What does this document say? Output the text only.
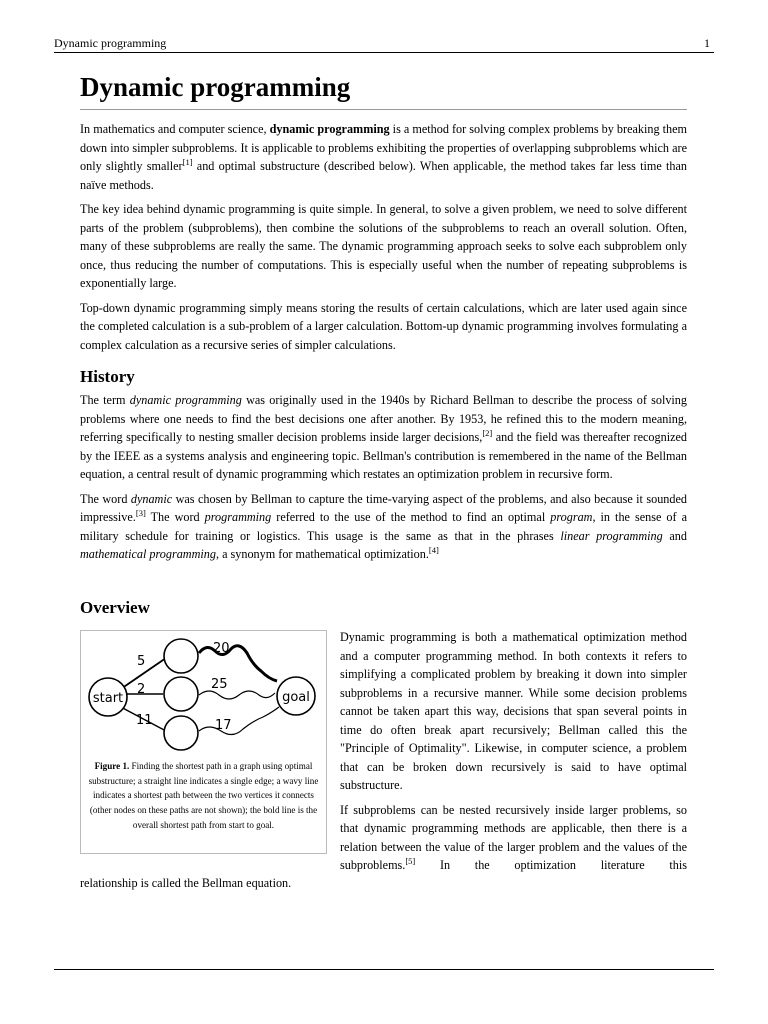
Dynamic programming	1
Dynamic programming

In mathematics and computer science, dynamic programming is a method for solving complex problems by breaking them down into simpler subproblems. It is applicable to problems exhibiting the properties of overlapping subproblems which are only slightly smaller[1] and optimal substructure (described below). When applicable, the method takes far less time than naïve methods.

The key idea behind dynamic programming is quite simple. In general, to solve a given problem, we need to solve different parts of the problem (subproblems), then combine the solutions of the subproblems to reach an overall solution. Often, many of these subproblems are really the same. The dynamic programming approach seeks to solve each subproblem only once, thus reducing the number of computations. This is especially useful when the number of repeating subproblems is exponentially large.

Top-down dynamic programming simply means storing the results of certain calculations, which are later used again since the completed calculation is a sub-problem of a larger calculation. Bottom-up dynamic programming involves formulating a complex calculation as a recursive series of simpler calculations.

History

The term dynamic programming was originally used in the 1940s by Richard Bellman to describe the process of solving problems where one needs to find the best decisions one after another. By 1953, he refined this to the modern meaning, referring specifically to nesting smaller decision problems inside larger decisions,[2] and the field was thereafter recognized by the IEEE as a systems analysis and engineering topic. Bellman's contribution is remembered in the name of the Bellman equation, a central result of dynamic programming which restates an optimization problem in recursive form.

The word dynamic was chosen by Bellman to capture the time-varying aspect of the problems, and also because it sounded impressive.[3] The word programming referred to the use of the method to find an optimal program, in the sense of a military schedule for training or logistics. This usage is the same as that in the phrases linear programming and mathematical programming, a synonym for mathematical optimization.[4]

Overview
start	goal
5
2
11
20
25
17
Figure 1. Finding the shortest path in a graph using optimal substructure; a straight line indicates a single edge; a wavy line indicates a shortest path between the two vertices it connects (other nodes on these paths are not shown); the bold line is the overall shortest path from start to goal.

Dynamic programming is both a mathematical optimization method and a computer programming method. In both contexts it refers to simplifying a complicated problem by breaking it down into simpler subproblems in a recursive manner. While some decision problems cannot be taken apart this way, decisions that span several points in time do often break apart recursively; Bellman called this the "Principle of Optimality". Likewise, in computer science, a problem that can be broken down recursively is said to have optimal substructure.

If subproblems can be nested recursively inside larger problems, so that dynamic programming methods are applicable, then there is a relation between the value of the larger problem and the values of the subproblems.[5] In the optimization literature this

relationship is called the Bellman equation.
